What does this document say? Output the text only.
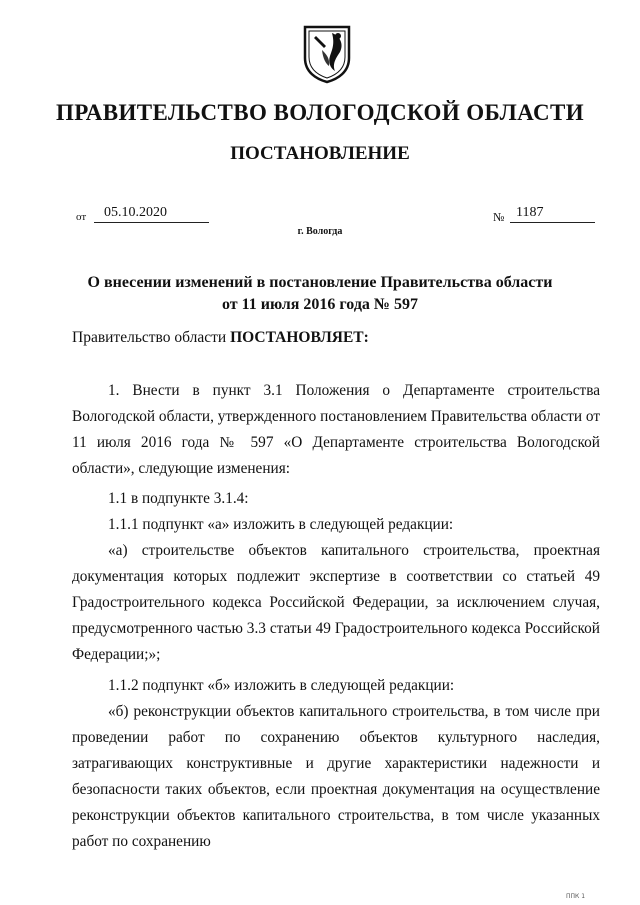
ПРАВИТЕЛЬСТВО ВОЛОГОДСКОЙ ОБЛАСТИ
ПОСТАНОВЛЕНИЕ
от	05.10.2020	№ 1187
г. Вологда
О внесении изменений в постановление Правительства области
от 11 июля 2016 года № 597
Правительство области ПОСТАНОВЛЯЕТ:
1. Внести в пункт 3.1 Положения о Департаменте строительства Вологодской области, утвержденного постановлением Правительства области от 11 июля 2016 года № 597 «О Департаменте строительства Вологодской области», следующие изменения:
1.1 в подпункте 3.1.4:
1.1.1 подпункт «а» изложить в следующей редакции:
«а) строительстве объектов капитального строительства, проектная документация которых подлежит экспертизе в соответствии со статьей 49 Градостроительного кодекса Российской Федерации, за исключением случая, предусмотренного частью 3.3 статьи 49 Градостроительного кодекса Российской Федерации;»;
1.1.2 подпункт «б» изложить в следующей редакции:
«б) реконструкции объектов капитального строительства, в том числе при проведении работ по сохранению объектов культурного наследия, затрагивающих конструктивные и другие характеристики надежности и безопасности таких объектов, если проектная документация на осуществление реконструкции объектов капитального строительства, в том числе указанных работ по сохранению
ППК 1
